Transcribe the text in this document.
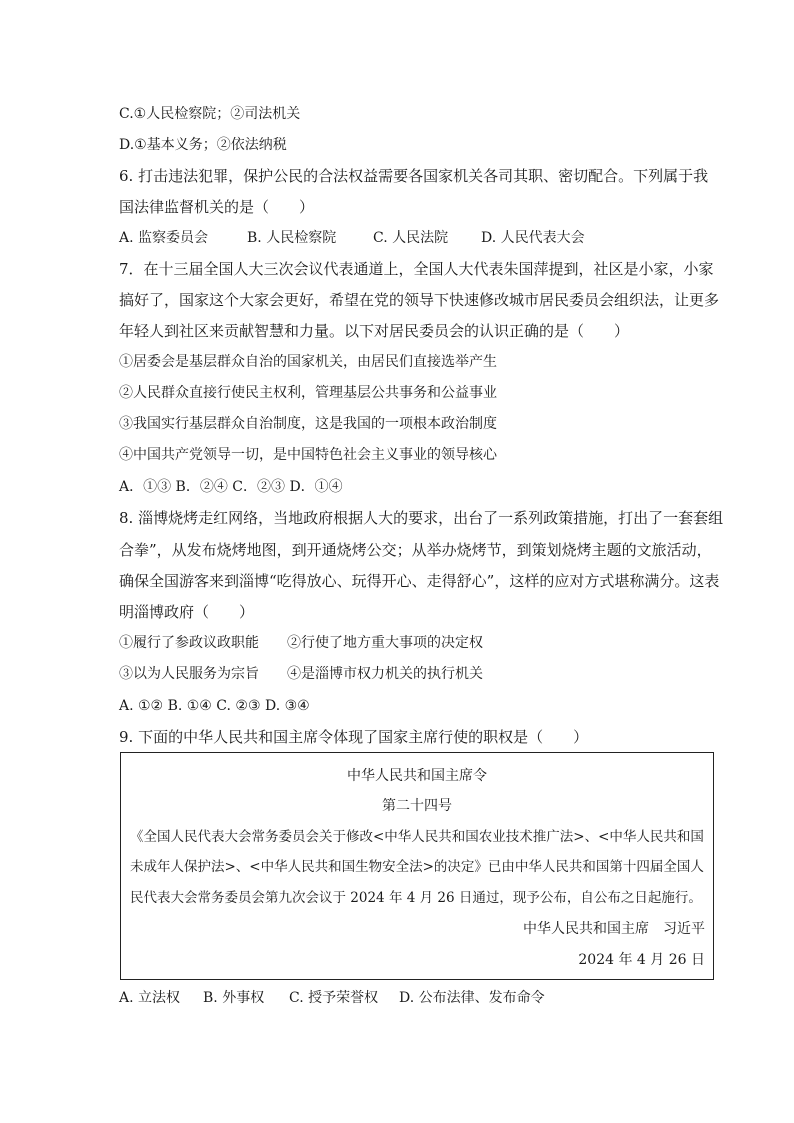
C.①人民检察院；②司法机关
D.①基本义务；②依法纳税
6. 打击违法犯罪，保护公民的合法权益需要各国家机关各司其职、密切配合。下列属于我
国法律监督机关的是（　　）
A. 监察委员会	B. 人民检察院	C. 人民法院 D. 人民代表大会
7．在十三届全国人大三次会议代表通道上，全国人大代表朱国萍提到，社区是小家，小家
搞好了，国家这个大家会更好，希望在党的领导下快速修改城市居民委员会组织法，让更多
年轻人到社区来贡献智慧和力量。以下对居民委员会的认识正确的是（　　）
①居委会是基层群众自治的国家机关，由居民们直接选举产生
②人民群众直接行使民主权利，管理基层公共事务和公益事业
③我国实行基层群众自治制度，这是我国的一项根本政治制度
④中国共产党领导一切，是中国特色社会主义事业的领导核心
A．①③ B．②④ C．②③ D．①④
8. 淄博烧烤走红网络，当地政府根据人大的要求，出台了一系列政策措施，打出了一套套组
合拳”，从发布烧烤地图，到开通烧烤公交；从举办烧烤节，到策划烧烤主题的文旅活动，
确保全国游客来到淄博“吃得放心、玩得开心、走得舒心”，这样的应对方式堪称满分。这表
明淄博政府（　　）
①履行了参政议政职能 ②行使了地方重大事项的决定权
③以为人民服务为宗旨 ④是淄博市权力机关的执行机关
A. ①② B. ①④ C. ②③ D. ③④
9. 下面的中华人民共和国主席令体现了国家主席行使的职权是（　　）
中华人民共和国主席令
第二十四号
《全国人民代表大会常务委员会关于修改<中华人民共和国农业技术推广法>、<中华人民共和国
未成年人保护法>、<中华人民共和国生物安全法>的决定》已由中华人民共和国第十四届全国人
民代表大会常务委员会第九次会议于 2024 年 4 月 26 日通过，现予公布，自公布之日起施行。
中华人民共和国主席　习近平
2024 年 4 月 26 日
A. 立法权 B. 外事权 C. 授予荣誉权 D. 公布法律、发布命令
